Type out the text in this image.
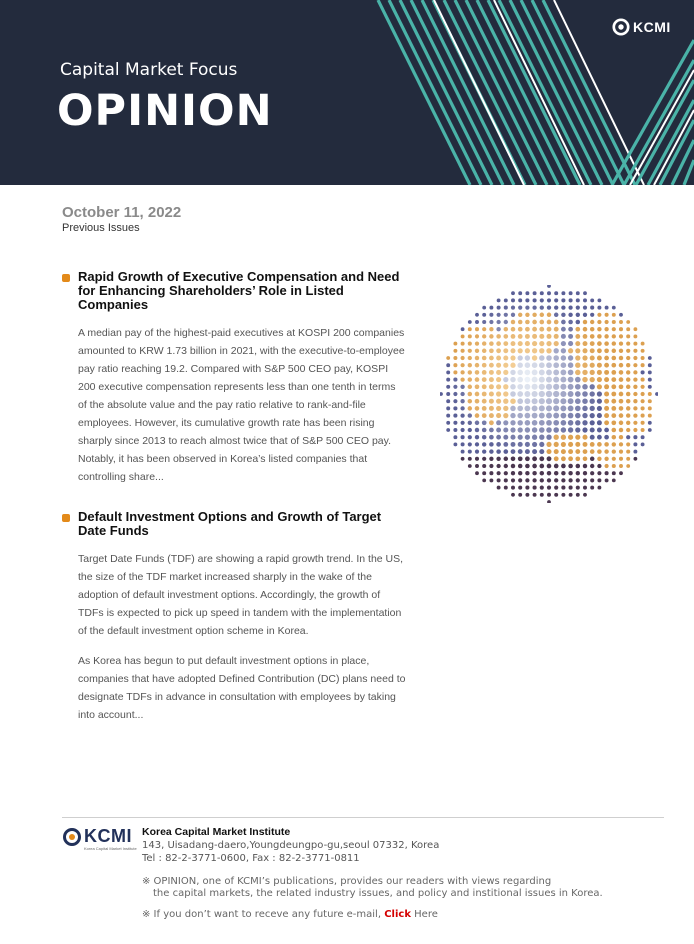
KCMI
Capital Market Focus
OPINION
October 11, 2022
Previous Issues
Rapid Growth of Executive Compensation and Need for Enhancing Shareholders’ Role in Listed Companies

A median pay of the highest-paid executives at KOSPI 200 companies amounted to KRW 1.73 billion in 2021, with the executive-to-employee pay ratio reaching 19.2. Compared with S&P 500 CEO pay, KOSPI 200 executive compensation represents less than one tenth in terms of the absolute value and the pay ratio relative to rank-and-file employees. However, its cumulative growth rate has been rising sharply since 2013 to reach almost twice that of S&P 500 CEO pay. Notably, it has been observed in Korea’s listed companies that controlling share...

Default Investment Options and Growth of Target Date Funds

Target Date Funds (TDF) are showing a rapid growth trend. In the US, the size of the TDF market increased sharply in the wake of the adoption of default investment options. Accordingly, the growth of TDFs is expected to pick up speed in tandem with the implementation of the default investment option scheme in Korea.

As Korea has begun to put default investment options in place, companies that have adopted Defined Contribution (DC) plans need to designate TDFs in advance in consultation with employees by taking into account...

KCMI
Korea Capital Market Institute
Korea Capital Market Institute
143, Uisadang-daero,Youngdeungpo-gu,seoul 07332, Korea
Tel : 82-2-3771-0600, Fax : 82-2-3771-0811
※ OPINION, one of KCMI’s publications, provides our readers with views regarding
the capital markets, the related industry issues, and policy and institional issues in Korea.
※ If you don’t want to receve any future e-mail, Click Here
